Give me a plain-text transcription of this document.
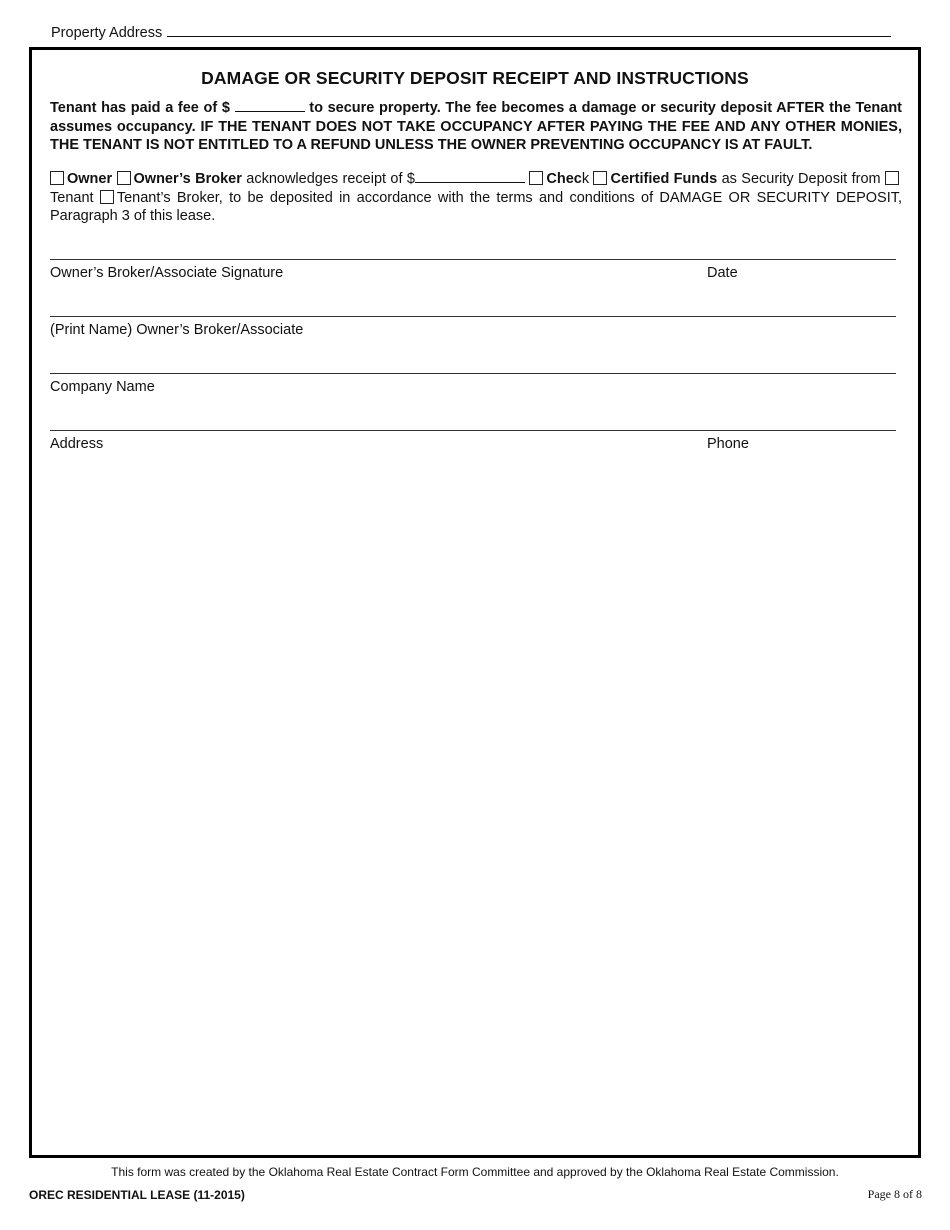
Property Address
DAMAGE OR SECURITY DEPOSIT RECEIPT AND INSTRUCTIONS
Tenant has paid a fee of $	to secure property. The fee becomes a damage or security deposit AFTER the Tenant assumes occupancy. IF THE TENANT DOES NOT TAKE OCCUPANCY AFTER PAYING THE FEE AND ANY OTHER MONIES, THE TENANT IS NOT ENTITLED TO A REFUND UNLESS THE OWNER PREVENTING OCCUPANCY IS AT FAULT.
Owner Owner’s Broker acknowledges receipt of $	Check Certified Funds as Security Deposit from Tenant Tenant’s Broker, to be deposited in accordance with the terms and conditions of DAMAGE OR SECURITY DEPOSIT, Paragraph 3 of this lease.
Owner’s Broker/Associate Signature	Date
(Print Name) Owner’s Broker/Associate
Company Name
Address	Phone
This form was created by the Oklahoma Real Estate Contract Form Committee and approved by the Oklahoma Real Estate Commission.
OREC RESIDENTIAL LEASE (11-2015)	Page 8 of 8
